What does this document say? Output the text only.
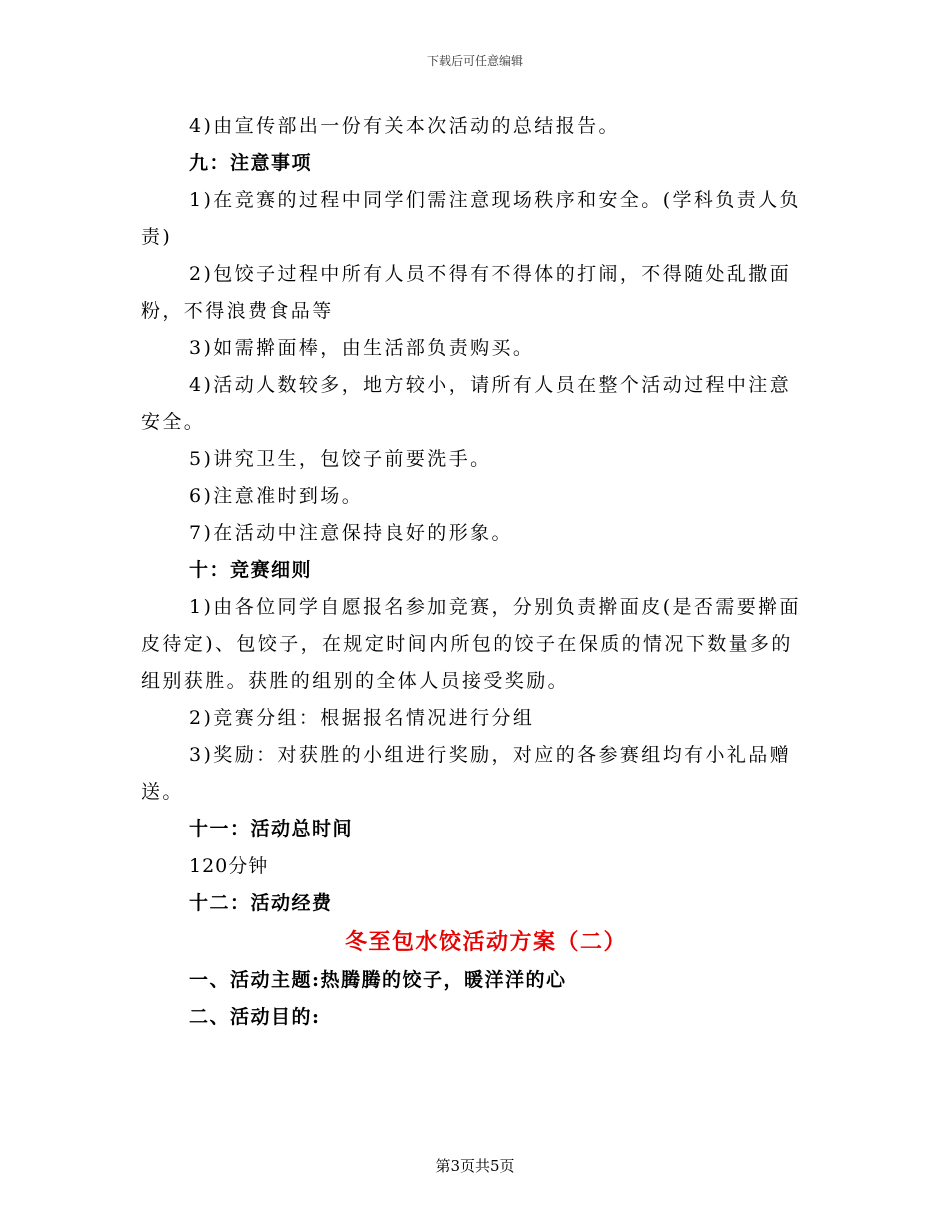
下载后可任意编辑

4)由宣传部出一份有关本次活动的总结报告。

九：注意事项

1)在竞赛的过程中同学们需注意现场秩序和安全。(学科负责人负责)

2)包饺子过程中所有人员不得有不得体的打闹，不得随处乱撒面粉，不得浪费食品等

3)如需擀面棒，由生活部负责购买。

4)活动人数较多，地方较小，请所有人员在整个活动过程中注意安全。

5)讲究卫生，包饺子前要洗手。

6)注意准时到场。

7)在活动中注意保持良好的形象。

十：竞赛细则

1)由各位同学自愿报名参加竞赛，分别负责擀面皮(是否需要擀面皮待定)、包饺子，在规定时间内所包的饺子在保质的情况下数量多的组别获胜。获胜的组别的全体人员接受奖励。

2)竞赛分组：根据报名情况进行分组

3)奖励：对获胜的小组进行奖励，对应的各参赛组均有小礼品赠送。

十一：活动总时间

120分钟

十二：活动经费

冬至包水饺活动方案（二）

一、活动主题:热腾腾的饺子，暖洋洋的心

二、活动目的:

第3页共5页
